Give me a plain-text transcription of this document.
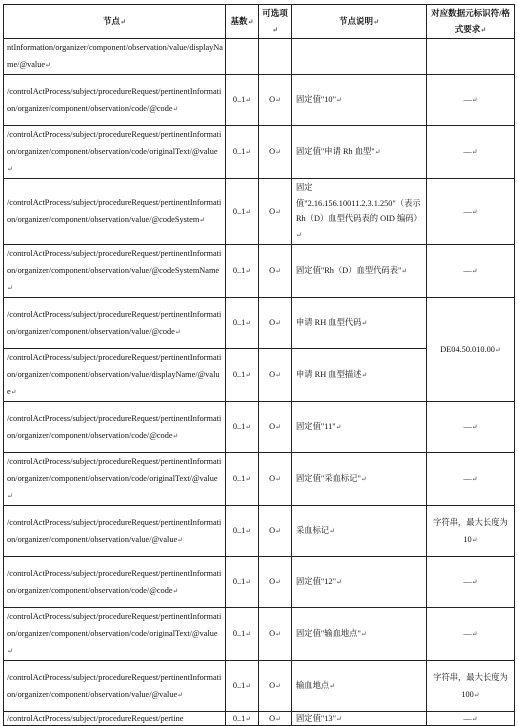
节点↵	基数↵	可选项↵	节点说明↵	对应数据元标识符/格式要求↵
ntInformation/organizer/component/observation/value/displayName/@value↵				
/controlActProcess/subject/procedureRequest/pertinentInformation/organizer/component/observation/code/@code↵	0..1↵	O↵	固定值"10"↵	—↵
/controlActProcess/subject/procedureRequest/pertinentInformation/organizer/component/observation/code/originalText/@value↵	0..1↵	O↵	固定值"申请 Rh 血型"↵	—↵
/controlActProcess/subject/procedureRequest/pertinentInformation/organizer/component/observation/value/@codeSystem↵	0..1↵	O↵	固定值"2.16.156.10011.2.3.1.250"（表示 Rh（D）血型代码表的 OID 编码）↵	—↵
/controlActProcess/subject/procedureRequest/pertinentInformation/organizer/component/observation/value/@codeSystemName↵	0..1↵	O↵	固定值"Rh（D）血型代码表"↵	—↵
/controlActProcess/subject/procedureRequest/pertinentInformation/organizer/component/observation/value/@code↵	0..1↵	O↵	申请 RH 血型代码↵	DE04.50.010.00↵
/controlActProcess/subject/procedureRequest/pertinentInformation/organizer/component/observation/value/displayName/@value↵	0..1↵	O↵	申请 RH 血型描述↵	
/controlActProcess/subject/procedureRequest/pertinentInformation/organizer/component/observation/code/@code↵	0..1↵	O↵	固定值"11"↵	—↵
/controlActProcess/subject/procedureRequest/pertinentInformation/organizer/component/observation/code/originalText/@value↵	0..1↵	O↵	固定值"采血标记"↵	—↵
/controlActProcess/subject/procedureRequest/pertinentInformation/organizer/component/observation/value/@value↵	0..1↵	O↵	采血标记↵	字符串，最大长度为 10↵
/controlActProcess/subject/procedureRequest/pertinentInformation/organizer/component/observation/code/@code↵	0..1↵	O↵	固定值"12"↵	—↵
/controlActProcess/subject/procedureRequest/pertinentInformation/organizer/component/observation/code/originalText/@value↵	0..1↵	O↵	固定值"输血地点"↵	—↵
/controlActProcess/subject/procedureRequest/pertinentInformation/organizer/component/observation/value/@value↵	0..1↵	O↵	输血地点↵	字符串，最大长度为 100↵
/controlActProcess/subject/procedureRequest/pertine	0..1↵	O↵	固定值"13"↵	—↵
